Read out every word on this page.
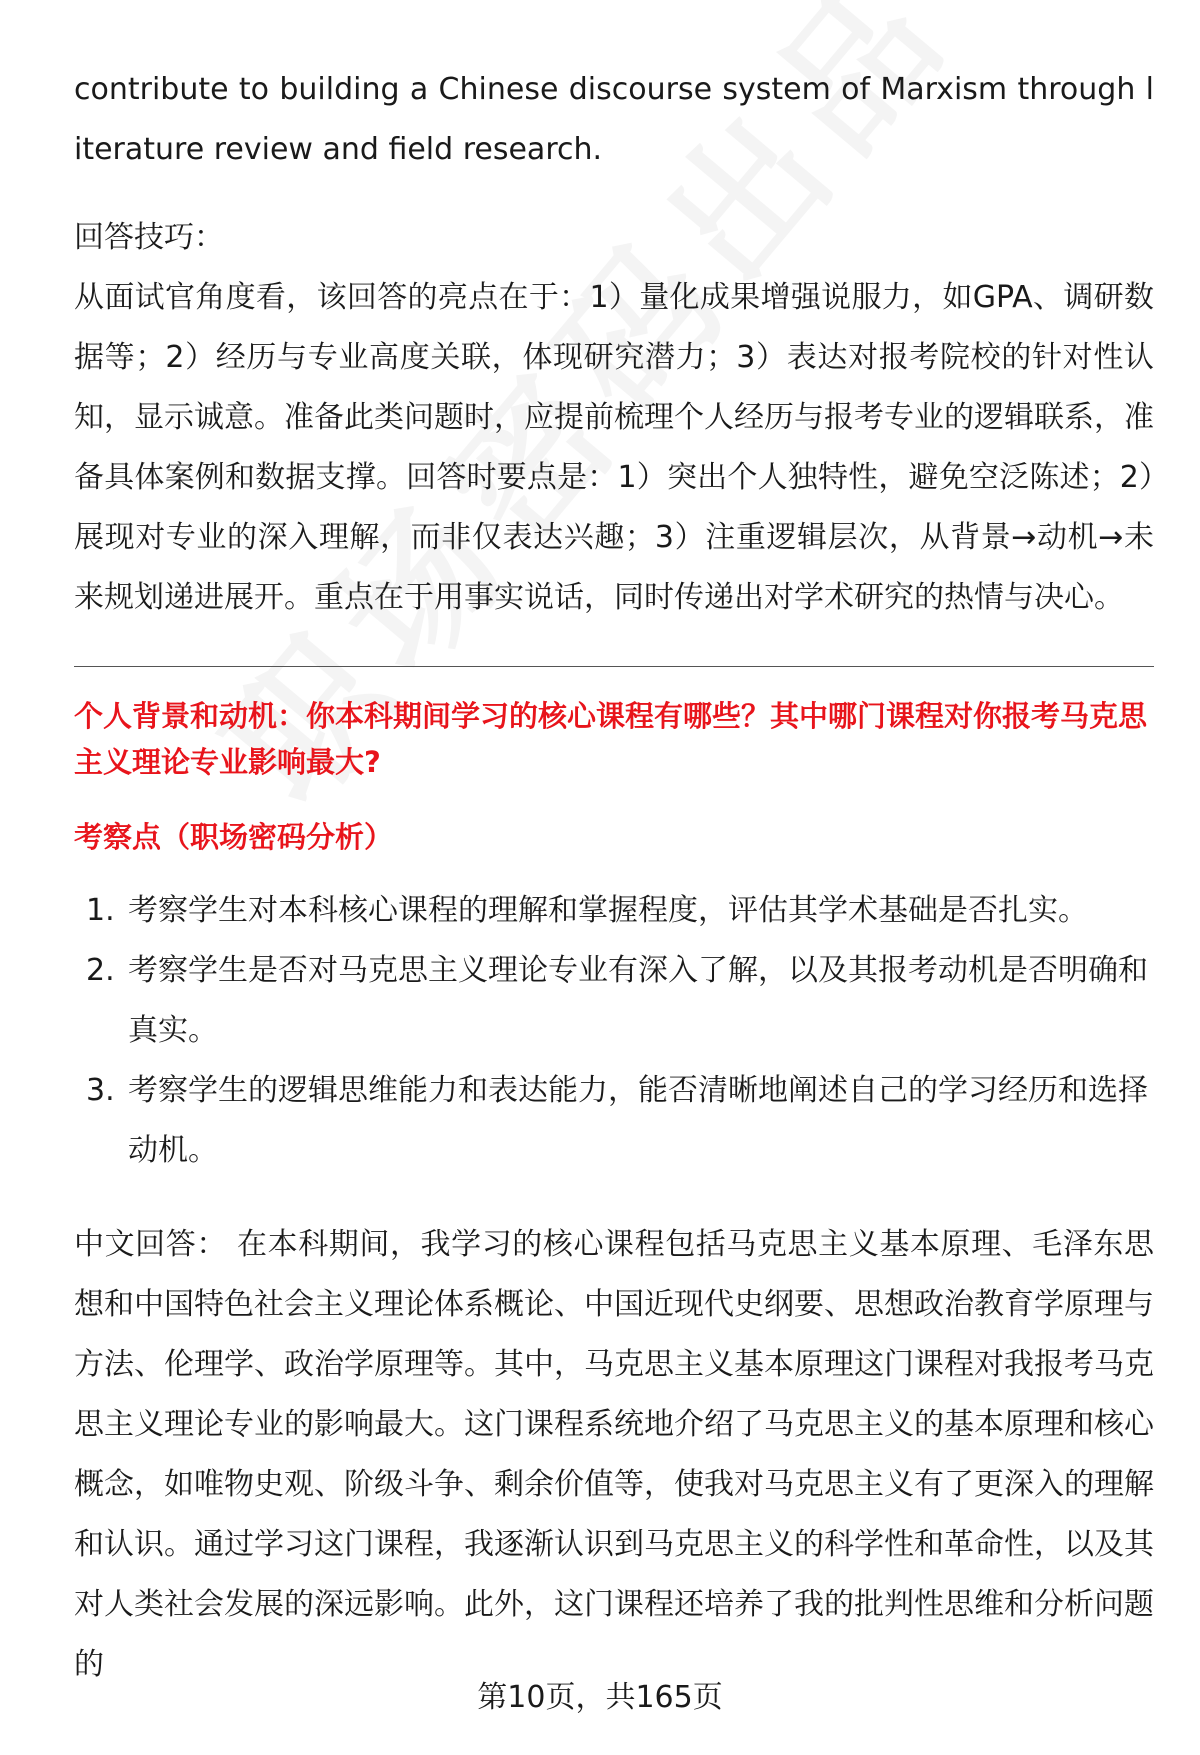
contribute to building a Chinese discourse system of Marxism through literature review and field research.

回答技巧：

从面试官角度看，该回答的亮点在于：1）量化成果增强说服力，如GPA、调研数据等；2）经历与专业高度关联，体现研究潜力；3）表达对报考院校的针对性认知，显示诚意。准备此类问题时，应提前梳理个人经历与报考专业的逻辑联系，准备具体案例和数据支撑。回答时要点是：1）突出个人独特性，避免空泛陈述；2）展现对专业的深入理解，而非仅表达兴趣；3）注重逻辑层次，从背景→动机→未来规划递进展开。重点在于用事实说话，同时传递出对学术研究的热情与决心。

个人背景和动机：你本科期间学习的核心课程有哪些？其中哪门课程对你报考马克思主义理论专业影响最大?

考察点（职场密码分析）

1. 考察学生对本科核心课程的理解和掌握程度，评估其学术基础是否扎实。
2. 考察学生是否对马克思主义理论专业有深入了解，以及其报考动机是否明确和真实。
3. 考察学生的逻辑思维能力和表达能力，能否清晰地阐述自己的学习经历和选择动机。

中文回答： 在本科期间，我学习的核心课程包括马克思主义基本原理、毛泽东思想和中国特色社会主义理论体系概论、中国近现代史纲要、思想政治教育学原理与方法、伦理学、政治学原理等。其中，马克思主义基本原理这门课程对我报考马克思主义理论专业的影响最大。这门课程系统地介绍了马克思主义的基本原理和核心概念，如唯物史观、阶级斗争、剩余价值等，使我对马克思主义有了更深入的理解和认识。通过学习这门课程，我逐渐认识到马克思主义的科学性和革命性，以及其对人类社会发展的深远影响。此外，这门课程还培养了我的批判性思维和分析问题的

第10页，共165页
